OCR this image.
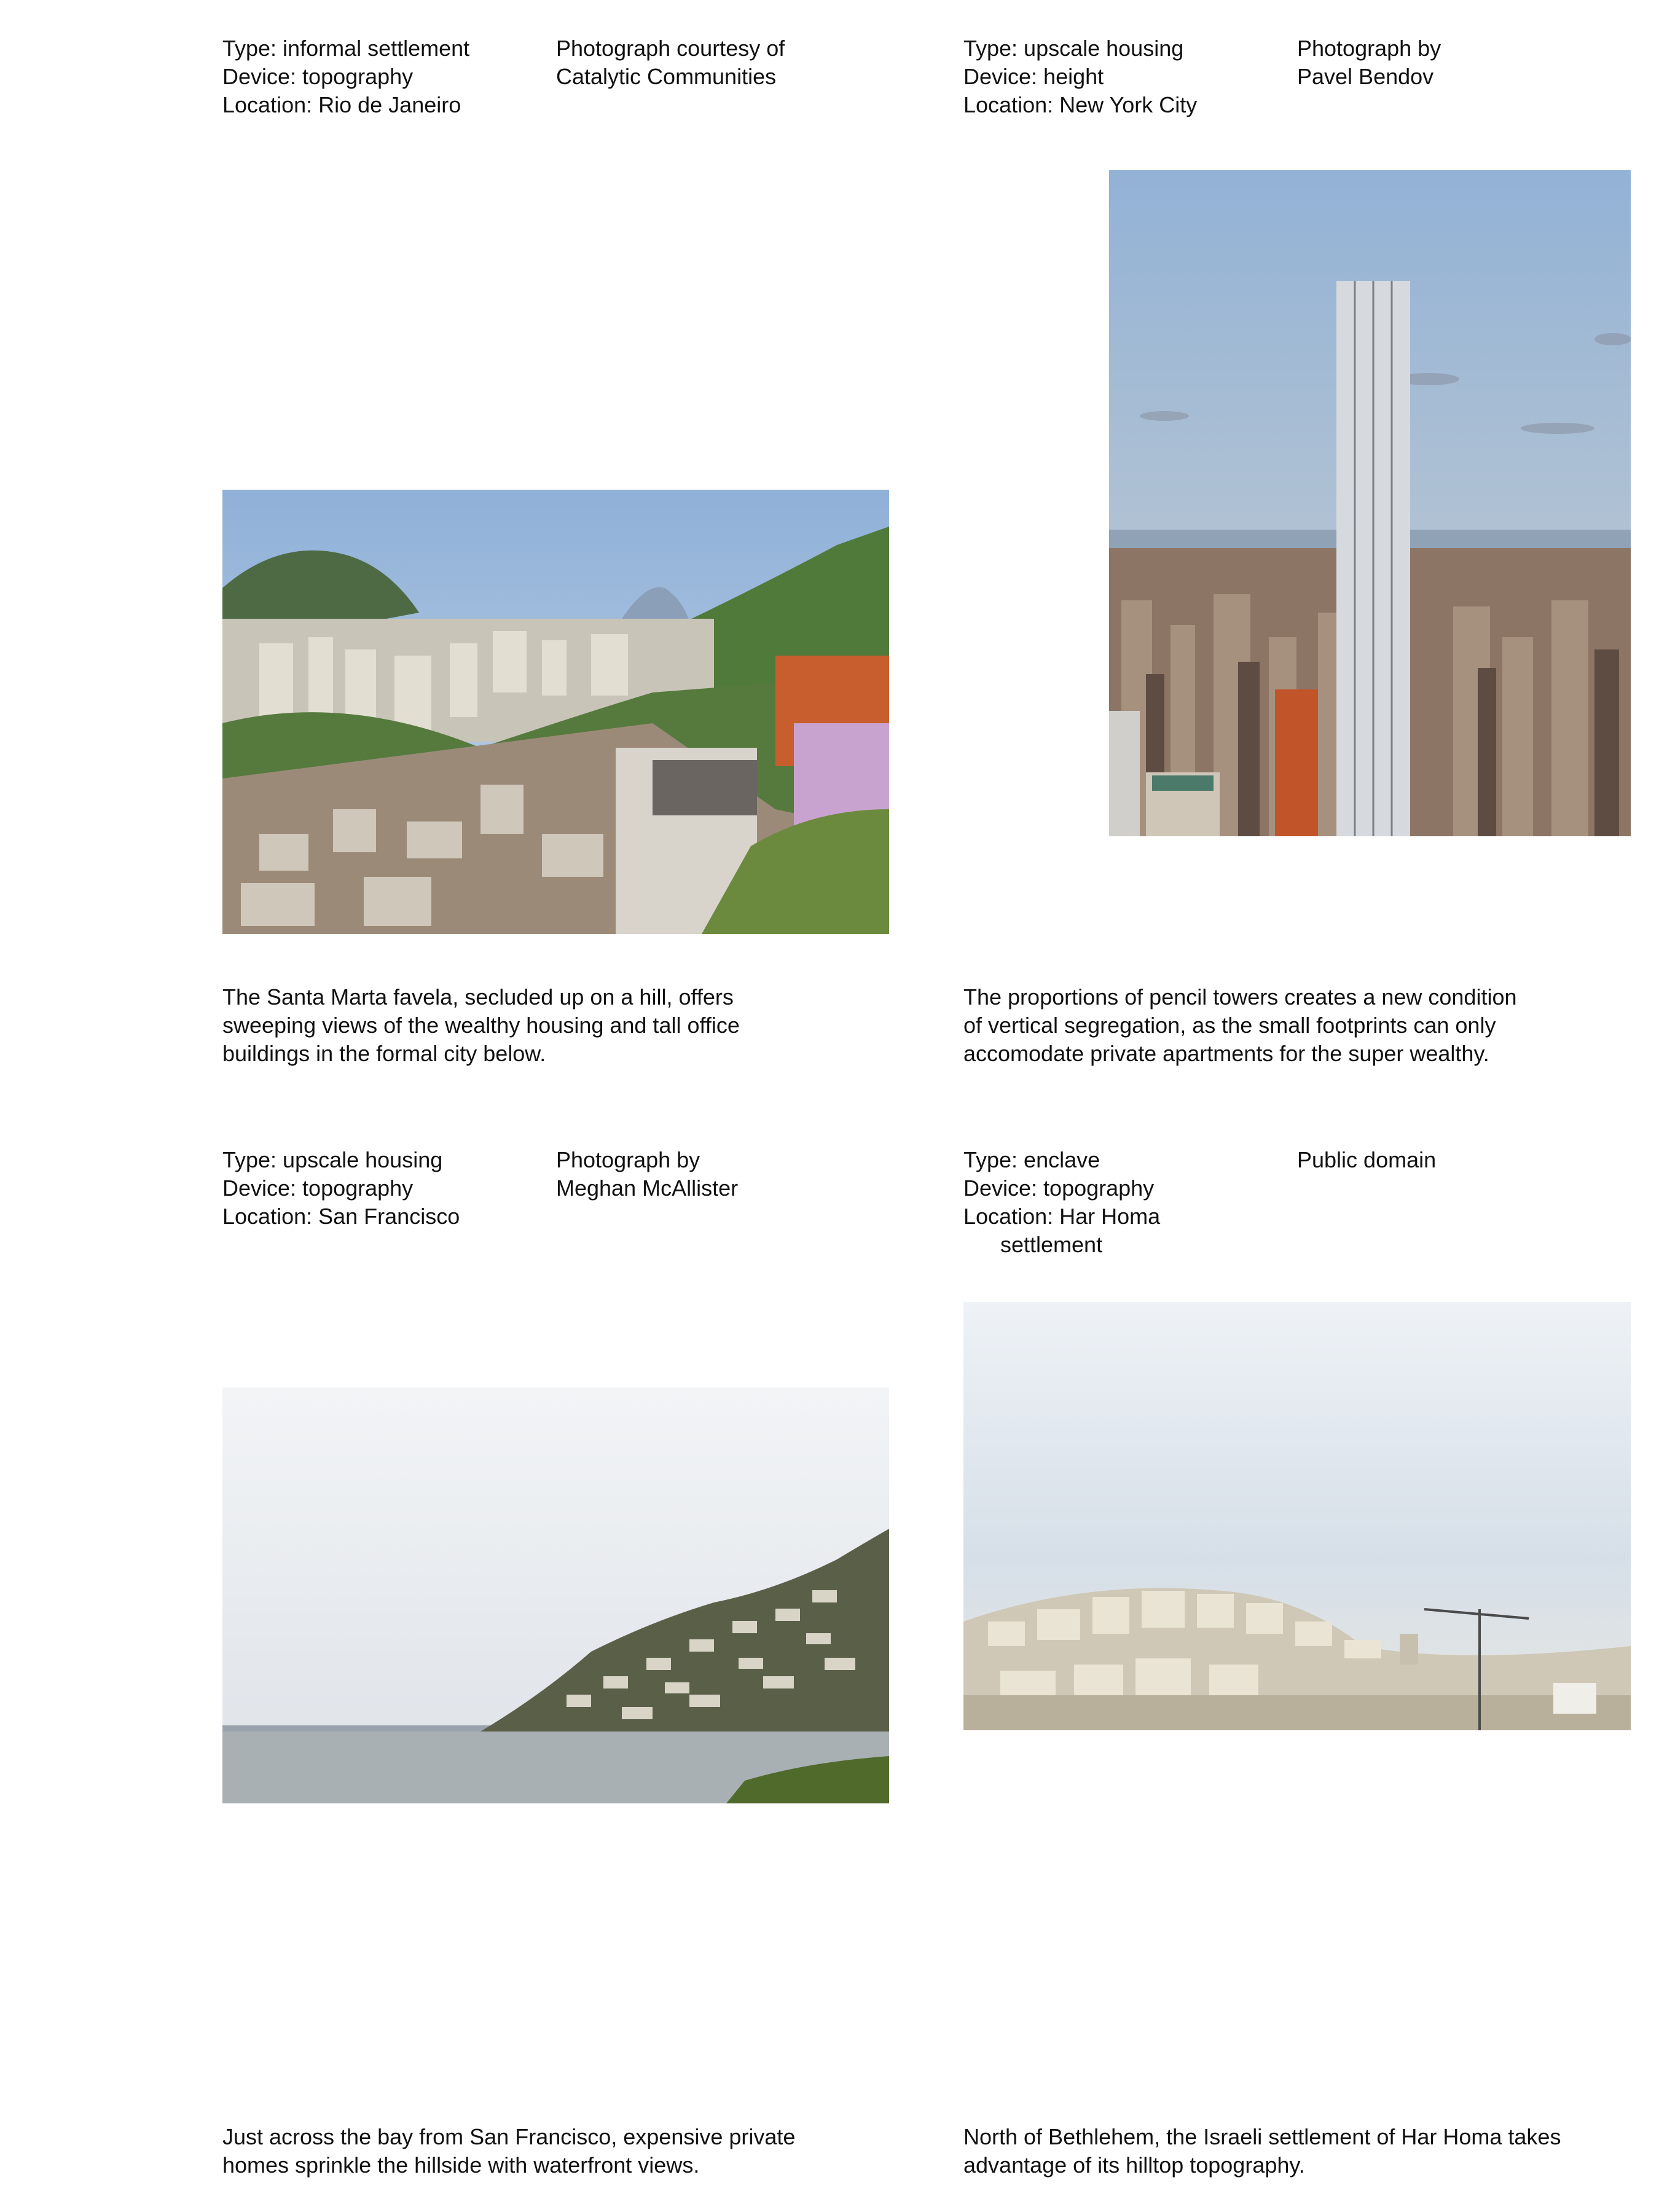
Type: informal settlement
Device: topography
Location: Rio de Janeiro
Photograph courtesy of
Catalytic Communities
The Santa Marta favela, secluded up on a hill, offers
sweeping views of the wealthy housing and tall office
buildings in the formal city below.
Type: upscale housing
Device: height
Location: New York City
Photograph by
Pavel Bendov
The proportions of pencil towers creates a new condition
of vertical segregation, as the small footprints can only
accomodate private apartments for the super wealthy.
Type: upscale housing
Device: topography
Location: San Francisco
Photograph by
Meghan McAllister
Just across the bay from San Francisco, expensive private
homes sprinkle the hillside with waterfront views.
Type: enclave
Device: topography
Location: Har Homa
settlement
Public domain
North of Bethlehem, the Israeli settlement of Har Homa takes
advantage of its hilltop topography.
